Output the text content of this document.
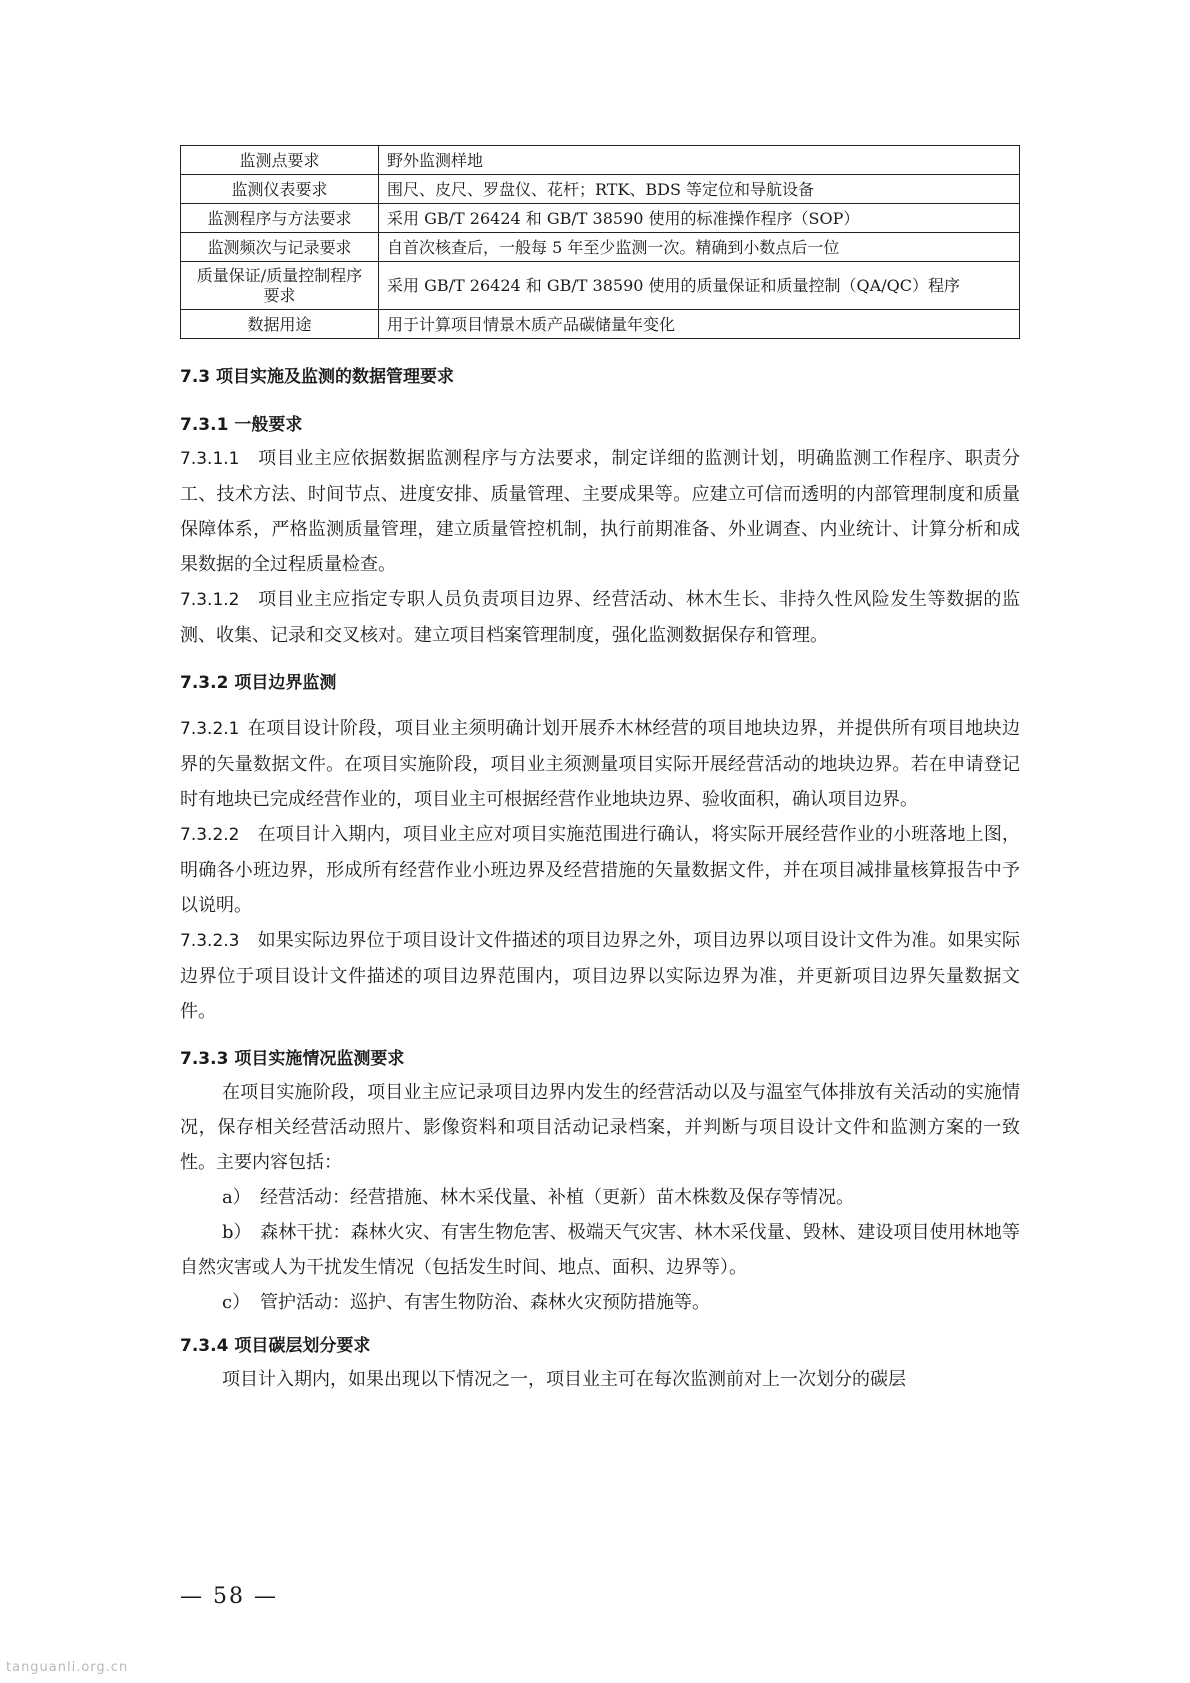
监测点要求	野外监测样地
监测仪表要求	围尺、皮尺、罗盘仪、花杆；RTK、BDS 等定位和导航设备
监测程序与方法要求	采用 GB/T 26424 和 GB/T 38590 使用的标准操作程序（SOP）
监测频次与记录要求	自首次核查后，一般每 5 年至少监测一次。精确到小数点后一位
质量保证/质量控制程序要求	采用 GB/T 26424 和 GB/T 38590 使用的质量保证和质量控制（QA/QC）程序
数据用途	用于计算项目情景木质产品碳储量年变化
7.3 项目实施及监测的数据管理要求
7.3.1 一般要求

7.3.1.1 项目业主应依据数据监测程序与方法要求，制定详细的监测计划，明确监测工作程序、职责分工、技术方法、时间节点、进度安排、质量管理、主要成果等。应建立可信而透明的内部管理制度和质量保障体系，严格监测质量管理，建立质量管控机制，执行前期准备、外业调查、内业统计、计算分析和成果数据的全过程质量检查。

7.3.1.2 项目业主应指定专职人员负责项目边界、经营活动、林木生长、非持久性风险发生等数据的监测、收集、记录和交叉核对。建立项目档案管理制度，强化监测数据保存和管理。

7.3.2 项目边界监测

7.3.2.1 在项目设计阶段，项目业主须明确计划开展乔木林经营的项目地块边界，并提供所有项目地块边界的矢量数据文件。在项目实施阶段，项目业主须测量项目实际开展经营活动的地块边界。若在申请登记时有地块已完成经营作业的，项目业主可根据经营作业地块边界、验收面积，确认项目边界。

7.3.2.2 在项目计入期内，项目业主应对项目实施范围进行确认，将实际开展经营作业的小班落地上图，明确各小班边界，形成所有经营作业小班边界及经营措施的矢量数据文件，并在项目减排量核算报告中予以说明。

7.3.2.3 如果实际边界位于项目设计文件描述的项目边界之外，项目边界以项目设计文件为准。如果实际边界位于项目设计文件描述的项目边界范围内，项目边界以实际边界为准，并更新项目边界矢量数据文件。

7.3.3 项目实施情况监测要求

在项目实施阶段，项目业主应记录项目边界内发生的经营活动以及与温室气体排放有关活动的实施情况，保存相关经营活动照片、影像资料和项目活动记录档案，并判断与项目设计文件和监测方案的一致性。主要内容包括：

a） 经营活动：经营措施、林木采伐量、补植（更新）苗木株数及保存等情况。

b） 森林干扰：森林火灾、有害生物危害、极端天气灾害、林木采伐量、毁林、建设项目使用林地等自然灾害或人为干扰发生情况（包括发生时间、地点、面积、边界等）。

c） 管护活动：巡护、有害生物防治、森林火灾预防措施等。

7.3.4 项目碳层划分要求

项目计入期内，如果出现以下情况之一，项目业主可在每次监测前对上一次划分的碳层

— 58 —
tanguanli.org.cn
